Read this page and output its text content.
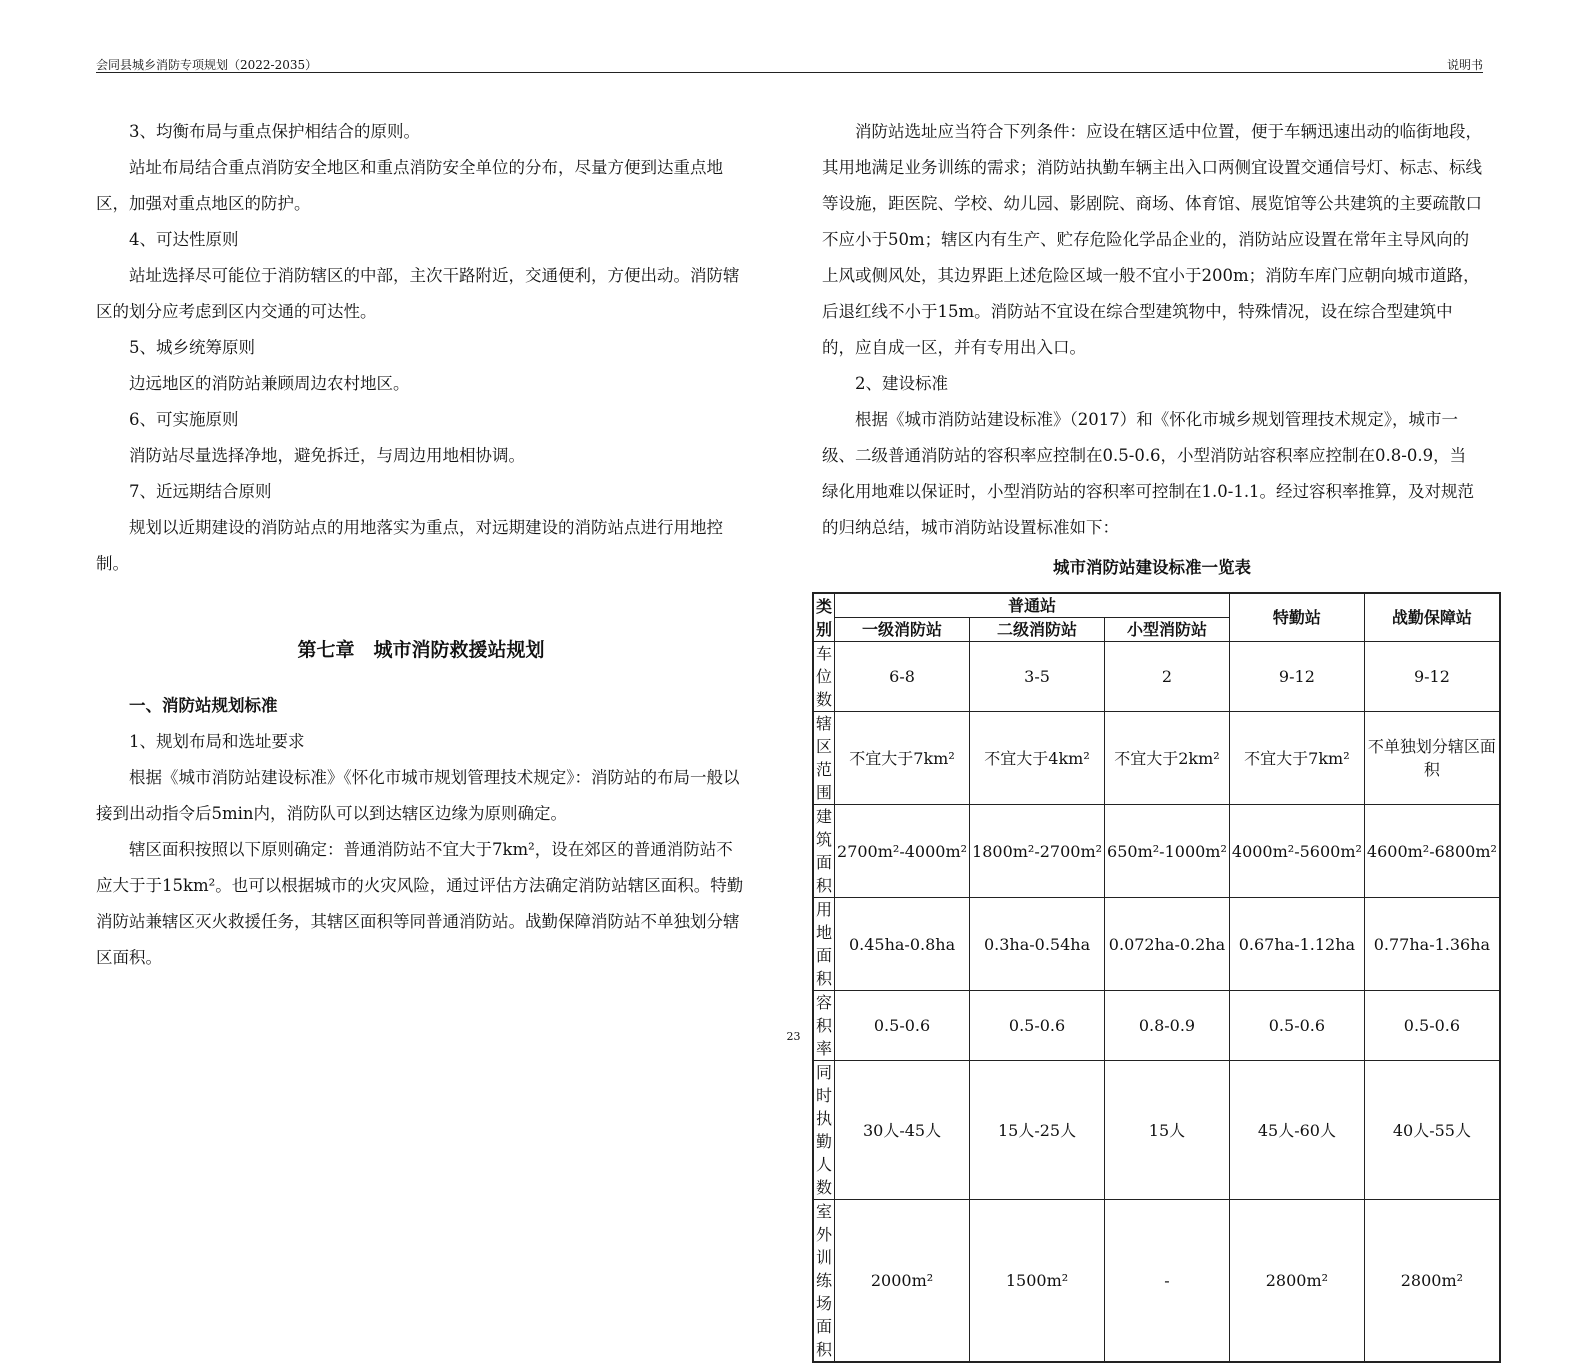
会同县城乡消防专项规划（2022-2035）	说明书

3、均衡布局与重点保护相结合的原则。

站址布局结合重点消防安全地区和重点消防安全单位的分布，尽量方便到达重点地区，加强对重点地区的防护。

4、可达性原则

站址选择尽可能位于消防辖区的中部，主次干路附近，交通便利，方便出动。消防辖区的划分应考虑到区内交通的可达性。

5、城乡统筹原则

边远地区的消防站兼顾周边农村地区。

6、可实施原则

消防站尽量选择净地，避免拆迁，与周边用地相协调。

7、近远期结合原则

规划以近期建设的消防站点的用地落实为重点，对远期建设的消防站点进行用地控制。

第七章　城市消防救援站规划

一、消防站规划标准

1、规划布局和选址要求

根据《城市消防站建设标准》《怀化市城市规划管理技术规定》：消防站的布局一般以接到出动指令后5min内，消防队可以到达辖区边缘为原则确定。

辖区面积按照以下原则确定：普通消防站不宜大于7km²，设在郊区的普通消防站不应大于于15km²。也可以根据城市的火灾风险，通过评估方法确定消防站辖区面积。特勤消防站兼辖区灭火救援任务，其辖区面积等同普通消防站。战勤保障消防站不单独划分辖区面积。

消防站选址应当符合下列条件：应设在辖区适中位置，便于车辆迅速出动的临街地段，其用地满足业务训练的需求；消防站执勤车辆主出入口两侧宜设置交通信号灯、标志、标线等设施，距医院、学校、幼儿园、影剧院、商场、体育馆、展览馆等公共建筑的主要疏散口不应小于50m；辖区内有生产、贮存危险化学品企业的，消防站应设置在常年主导风向的上风或侧风处，其边界距上述危险区域一般不宜小于200m；消防车库门应朝向城市道路，后退红线不小于15m。消防站不宜设在综合型建筑物中，特殊情况，设在综合型建筑中的，应自成一区，并有专用出入口。

2、建设标准

根据《城市消防站建设标准》（2017）和《怀化市城乡规划管理技术规定》，城市一级、二级普通消防站的容积率应控制在0.5-0.6，小型消防站容积率应控制在0.8-0.9，当绿化用地难以保证时，小型消防站的容积率可控制在1.0-1.1。经过容积率推算，及对规范的归纳总结，城市消防站设置标准如下：

城市消防站建设标准一览表

类别	普通站			特勤站	战勤保障站
	一级消防站	二级消防站	小型消防站		
车位数	6-8	3-5	2	9-12	9-12
辖区范围	不宜大于7km²	不宜大于4km²	不宜大于2km²	不宜大于7km²	不单独划分辖区面积
建筑面积	2700m²-4000m²	1800m²-2700m²	650m²-1000m²	4000m²-5600m²	4600m²-6800m²
用地面积	0.45ha-0.8ha	0.3ha-0.54ha	0.072ha-0.2ha	0.67ha-1.12ha	0.77ha-1.36ha
容积率	0.5-0.6	0.5-0.6	0.8-0.9	0.5-0.6	0.5-0.6
同时执勤人数	30人-45人	15人-25人	15人	45人-60人	40人-55人
室外训练场面积	2000m²	1500m²	-	2800m²	2800m²
23
